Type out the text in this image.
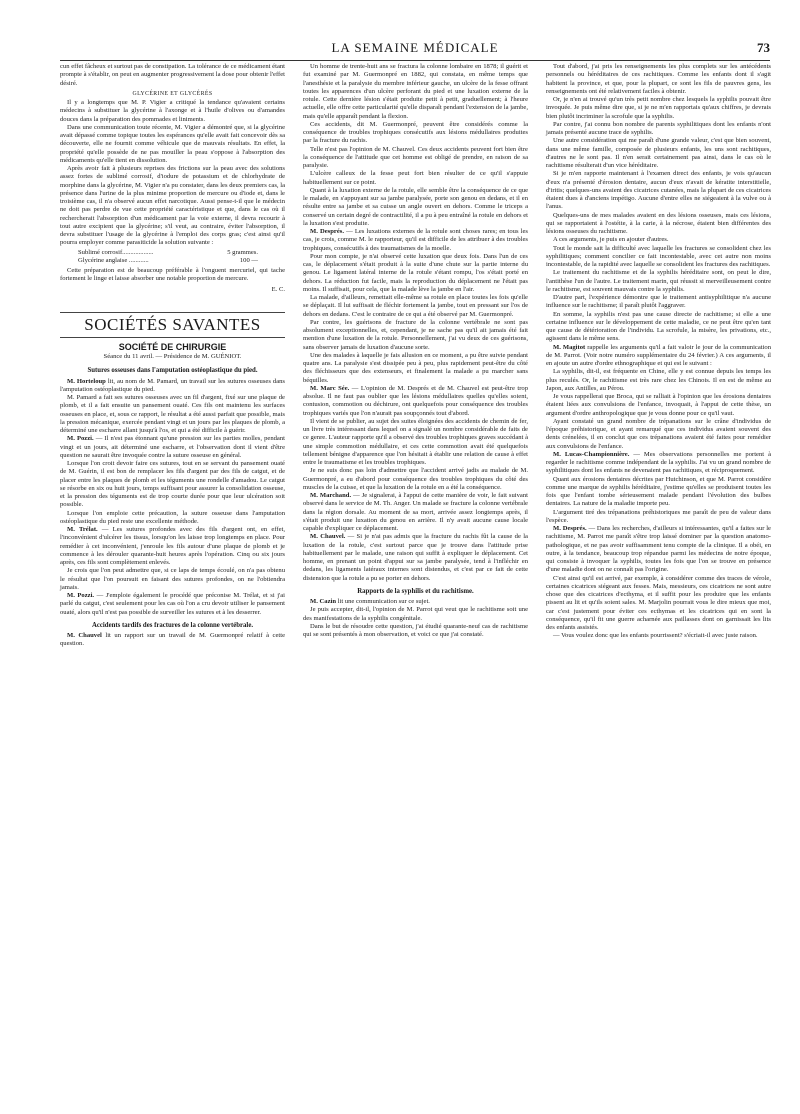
LA SEMAINE MÉDICALE	73

cun effet fâcheux et surtout pas de constipation. La tolérance de ce médicament étant prompte à s'établir, on peut en augmenter progressivement la dose pour obtenir l'effet désiré.

GLYCÉRINE ET GLYCÉRÉS

Il y a longtemps que M. P. Vigier a critiqué la tendance qu'avaient certains médecins à substituer la glycérine à l'axonge et à l'huile d'olives ou d'amandes douces dans la préparation des pommades et liniments.

Dans une communication toute récente, M. Vigier a démontré que, si la glycérine avait dépassé comme topique toutes les espérances qu'elle avait fait concevoir dès sa découverte, elle ne fournit comme véhicule que de mauvais résultats. En effet, la propriété qu'elle possède de ne pas mouiller la peau s'oppose à l'absorption des médicaments qu'elle tient en dissolution.

Après avoir fait à plusieurs reprises des frictions sur la peau avec des solutions assez fortes de sublimé corrosif, d'iodure de potassium et de chlorhydrate de morphine dans la glycérine, M. Vigier n'a pu constater, dans les deux premiers cas, la présence dans l'urine de la plus minime proportion de mercure ou d'iode et, dans le troisième cas, il n'a observé aucun effet narcotique. Aussi pense-t-il que le médecin ne doit pas perdre de vue cette propriété caractéristique et que, dans le cas où il rechercherait l'absorption d'un médicament par la voie externe, il devra recourir à tout autre excipient que la glycérine; s'il veut, au contraire, éviter l'absorption, il devra substituer l'usage de la glycérine à l'emploi des corps gras; c'est ainsi qu'il pourra employer comme parasiticide la solution suivante :

Sublimé corrosif...................	5 grammes.
Glycérine anglaise ............	100 —

Cette préparation est de beaucoup préférable à l'onguent mercuriel, qui tache fortement le linge et laisse absorber une notable proportion de mercure.

E. C.
SOCIÉTÉS SAVANTES
SOCIÉTÉ DE CHIRURGIE
Séance du 11 avril. — Présidence de M. GUÉNIOT.
Sutures osseuses dans l'amputation ostéoplastique du pied.

M. Horteloup lit, au nom de M. Pamard, un travail sur les sutures osseuses dans l'amputation ostéoplastique du pied.

M. Pamard a fait ses sutures osseuses avec un fil d'argent, fixé sur une plaque de plomb, et il a fait ensuite un pansement ouaté. Ces fils ont maintenu les surfaces osseuses en place, et, sous ce rapport, le résultat a été aussi parfait que possible, mais la pression mécanique, exercée pendant vingt et un jours par les plaques de plomb, a déterminé une escharre allant jusqu'à l'os, et qui a été difficile à guérir.

M. Pozzi. — Il n'est pas étonnant qu'une pression sur les parties molles, pendant vingt et un jours, ait déterminé une escharre, et l'observation dont il vient d'être question ne saurait être invoquée contre la suture osseuse en général.

Lorsque l'on croit devoir faire ces sutures, tout en se servant du pansement ouaté de M. Guérin, il est bon de remplacer les fils d'argent par des fils de catgut, et de placer entre les plaques de plomb et les téguments une rondelle d'amadou. Le catgut se résorbe en six ou huit jours, temps suffisant pour assurer la consolidation osseuse, et la pression des téguments est de trop courte durée pour que leur ulcération soit possible.

Lorsque l'on emploie cette précaution, la suture osseuse dans l'amputation ostéoplastique du pied reste une excellente méthode.

M. Trélat. — Les sutures profondes avec des fils d'argent ont, en effet, l'inconvénient d'ulcérer les tissus, lorsqu'on les laisse trop longtemps en place. Pour remédier à cet inconvénient, j'enroule les fils autour d'une plaque de plomb et je commence à les dérouler quarante-huit heures après l'opération. Cinq ou six jours après, ces fils sont complètement enlevés.

Je crois que l'on peut admettre que, si ce laps de temps écoulé, on n'a pas obtenu le résultat que l'on poursuit en faisant des sutures profondes, on ne l'obtiendra jamais.

M. Pozzi. — J'emploie également le procédé que préconise M. Trélat, et si j'ai parlé du catgut, c'est seulement pour les cas où l'on a cru devoir utiliser le pansement ouaté, alors qu'il n'est pas possible de surveiller les sutures et à les desserrer.

Accidents tardifs des fractures de la colonne vertébrale.

M. Chauvel lit un rapport sur un travail de M. Guermonpré relatif à cette question.

Un homme de trente-huit ans se fractura la colonne lombaire en 1878; il guérit et fut examiné par M. Guermonpré en 1882, qui constata, en même temps que l'anesthésie et la paralysie du membre inférieur gauche, un ulcère de la fesse offrant toutes les apparences d'un ulcère perforant du pied et une luxation externe de la rotule. Cette dernière lésion s'était produite petit à petit, graduellement; à l'heure actuelle, elle offre cette particularité qu'elle disparaît pendant l'extension de la jambe, mais qu'elle apparaît pendant la flexion.

Ces accidents, dit M. Guermonpré, peuvent être considérés comme la conséquence de troubles trophiques consécutifs aux lésions médullaires produites par la fracture du rachis.

Telle n'est pas l'opinion de M. Chauvel. Ces deux accidents peuvent fort bien être la conséquence de l'attitude que cet homme est obligé de prendre, en raison de sa paralysie.

L'ulcère calleux de la fesse peut fort bien résulter de ce qu'il s'appuie habituellement sur ce point.

Quant à la luxation externe de la rotule, elle semble être la conséquence de ce que le malade, en s'appuyant sur sa jambe paralysée, porte son genou en dedans, et il en résulte entre sa jambe et sa cuisse un angle ouvert en dehors. Comme le triceps a conservé un certain degré de contractilité, il a pu à peu entraîné la rotule en dehors et la luxation s'est produite.

M. Després. — Les luxations externes de la rotule sont choses rares; en tous les cas, je crois, comme M. le rapporteur, qu'il est difficile de les attribuer à des troubles trophiques, consécutifs à des traumatismes de la moelle.

Pour mon compte, je n'ai observé cette luxation que deux fois. Dans l'un de ces cas, le déplacement s'était produit à la suite d'une chute sur la partie interne du genou. Le ligament latéral interne de la rotule s'étant rompu, l'os s'était porté en dehors. La réduction fut facile, mais la reproduction du déplacement ne l'était pas moins. Il suffisait, pour cela, que la malade lève la jambe en l'air.

La malade, d'ailleurs, remettait elle-même sa rotule en place toutes les fois qu'elle se déplaçait. Il lui suffisait de fléchir fortement la jambe, tout en pressant sur l'os de dehors en dedans. C'est le contraire de ce qui a été observé par M. Guermonpré.

Par contre, les guérisons de fracture de la colonne vertébrale ne sont pas absolument exceptionnelles, et, cependant, je ne sache pas qu'il ait jamais été fait mention d'une luxation de la rotule. Personnellement, j'ai vu deux de ces guérisons, sans observer jamais de luxation d'aucune sorte.

Une des malades à laquelle je fais allusion en ce moment, a pu être suivie pendant quatre ans. La paralysie s'est dissipée peu à peu, plus rapidement peut-être du côté des fléchisseurs que des extenseurs, et finalement la malade a pu marcher sans béquilles.

M. Marc Sée. — L'opinion de M. Després et de M. Chauvel est peut-être trop absolue. Il ne faut pas oublier que les lésions médullaires quelles qu'elles soient, contusion, commotion ou déchirure, ont quelquefois pour conséquence des troubles trophiques variés que l'on n'aurait pas soupçonnés tout d'abord.

Il vient de se publier, au sujet des suites éloignées des accidents de chemin de fer, un livre très intéressant dans lequel on a signalé un nombre considérable de faits de ce genre. L'auteur rapporte qu'il a observé des troubles trophiques graves succédant à une simple commotion médullaire, et ces cette commotion avait été quelquefois tellement bénigne d'apparence que l'on hésitait à établir une relation de cause à effet entre le traumatisme et les troubles trophiques.

Je ne suis donc pas loin d'admettre que l'accident arrivé jadis au malade de M. Guermonpré, a eu d'abord pour conséquence des troubles trophiques du côté des muscles de la cuisse, et que la luxation de la rotule en a été la conséquence.

M. Marchand. — Je signalerai, à l'appui de cette manière de voir, le fait suivant observé dans le service de M. Th. Anger. Un malade se fracture la colonne vertébrale dans la région dorsale. Au moment de sa mort, arrivée assez longtemps après, il s'était produit une luxation du genou en arrière. Il n'y avait aucune cause locale capable d'expliquer ce déplacement.

M. Chauvel. — Si je n'ai pas admis que la fracture du rachis fût la cause de la luxation de la rotule, c'est surtout parce que je trouve dans l'attitude prise habituellement par le malade, une raison qui suffit à expliquer le déplacement. Cet homme, en prenant un point d'appui sur sa jambe paralysée, tend à l'infléchir en dedans, les ligaments latéraux internes sont distendus, et c'est par ce fait de cette distension que la rotule a pu se porter en dehors.

Rapports de la syphilis et du rachitisme.

M. Cazin lit une communication sur ce sujet.

Je puis accepter, dit-il, l'opinion de M. Parrot qui veut que le rachitisme soit une des manifestations de la syphilis congénitale.

Dans le but de résoudre cette question, j'ai étudié quarante-neuf cas de rachitisme qui se sont présentés à mon observation, et voici ce que j'ai constaté.

Tout d'abord, j'ai pris les renseignements les plus complets sur les antécédents personnels ou héréditaires de ces rachitiques. Comme les enfants dont il s'agit habitent la province, et que, pour la plupart, ce sont les fils de pauvres gens, les renseignements ont été relativement faciles à obtenir.

Or, je n'en ai trouvé qu'un très petit nombre chez lesquels la syphilis pouvait être invoquée. Je puis même dire que, si je ne m'en rapportais qu'aux chiffres, je devrais bien plutôt incriminer la scrofule que la syphilis.

Par contre, j'ai connu bon nombre de parents syphilitiques dont les enfants n'ont jamais présenté aucune trace de syphilis.

Une autre considération qui me paraît d'une grande valeur, c'est que bien souvent, dans une même famille, composée de plusieurs enfants, les uns sont rachitiques, d'autres ne le sont pas. Il n'en serait certainement pas ainsi, dans le cas où le rachitisme résulterait d'un vice héréditaire.

Si je m'en rapporte maintenant à l'examen direct des enfants, je vois qu'aucun d'eux n'a présenté d'érosion dentaire, aucun d'eux n'avait de kératite interstitielle, d'iritis; quelques-uns avaient des cicatrices cutanées, mais la plupart de ces cicatrices étaient dues à d'anciens impétigo. Aucune d'entre elles ne siégeaient à la vulve ou à l'anus.

Quelques-uns de mes malades avaient en des lésions osseuses, mais ces lésions, qui se rapportaient à l'ostéite, à la carie, à la nécrose, étaient bien différentes des lésions osseuses du rachitisme.

A ces arguments, je puis en ajouter d'autres.

Tout le monde sait la difficulté avec laquelle les fractures se consolident chez les syphilitiques; comment concilier ce fait incontestable, avec cet autre non moins incontestable, de la rapidité avec laquelle se consolident les fractures des rachitiques.

Le traitement du rachitisme et de la syphilis héréditaire sont, on peut le dire, l'antithèse l'un de l'autre. Le traitement marin, qui réussit si merveilleusement contre le rachitisme, est souvent mauvais contre la syphilis.

D'autre part, l'expérience démontre que le traitement antisyphilitique n'a aucune influence sur le rachitisme; il paraît plutôt l'aggraver.

En somme, la syphilis n'est pas une cause directe de rachitisme; si elle a une certaine influence sur le développement de cette maladie, ce ne peut être qu'en tant que cause de détérioration de l'individu. La scrofule, la misère, les privations, etc., agissent dans le même sens.

M. Magitot rappelle les arguments qu'il a fait valoir le jour de la communication de M. Parrot. (Voir notre numéro supplémentaire du 24 février.) A ces arguments, il en ajoute un autre d'ordre ethnographique et qui est le suivant :

La syphilis, dit-il, est fréquente en Chine, elle y est connue depuis les temps les plus reculés. Or, le rachitisme est très rare chez les Chinois. Il en est de même au Japon, aux Antilles, au Pérou.

Je vous rappellerai que Broca, qui se ralliait à l'opinion que les érosions dentaires étaient liées aux convulsions de l'enfance, invoquait, à l'appui de cette thèse, un argument d'ordre anthropologique que je vous donne pour ce qu'il vaut.

Ayant constaté un grand nombre de trépanations sur le crâne d'individus de l'époque préhistorique, et ayant remarqué que ces individus avaient souvent des dents crénelées, il en conclut que ces trépanations avaient été faites pour remédier aux convulsions de l'enfance.

M. Lucas-Championnière. — Mes observations personnelles me portent à regarder le rachitisme comme indépendant de la syphilis. J'ai vu un grand nombre de syphilitiques dont les enfants ne devenaient pas rachitiques, et réciproquement.

Quant aux érosions dentaires décrites par Hutchinson, et que M. Parrot considère comme une marque de syphilis héréditaire, j'estime qu'elles se produisent toutes les fois que l'enfant tombe sérieusement malade pendant l'évolution des bulbes dentaires. La nature de la maladie importe peu.

L'argument tiré des trépanations préhistoriques me paraît de peu de valeur dans l'espèce.

M. Després. — Dans les recherches, d'ailleurs si intéressantes, qu'il a faites sur le rachitisme, M. Parrot me paraît s'être trop laissé dominer par la question anatomo-pathologique, et ne pas avoir suffisamment tenu compte de la clinique. Il a obéi, en outre, à la tendance, beaucoup trop répandue parmi les médecins de notre époque, qui consiste à invoquer la syphilis, toutes les fois que l'on se trouve en présence d'une maladie dont on ne connaît pas l'origine.

C'est ainsi qu'il est arrivé, par exemple, à considérer comme des traces de vérole, certaines cicatrices siégeant aux fesses. Mais, messieurs, ces cicatrices ne sont autre chose que des cicatrices d'ecthyma, et il suffit pour les produire que les enfants pissent au lit et qu'ils soient sales. M. Marjolin pourrait vous le dire mieux que moi, car c'est justement pour éviter ces ecthymas et les cicatrices qui en sont la conséquence, qu'il fit une guerre acharnée aux paillasses dont on garnissait les lits des enfants assistés.

— Vous voulez donc que les enfants pourrissent? s'écriait-il avec juste raison.
